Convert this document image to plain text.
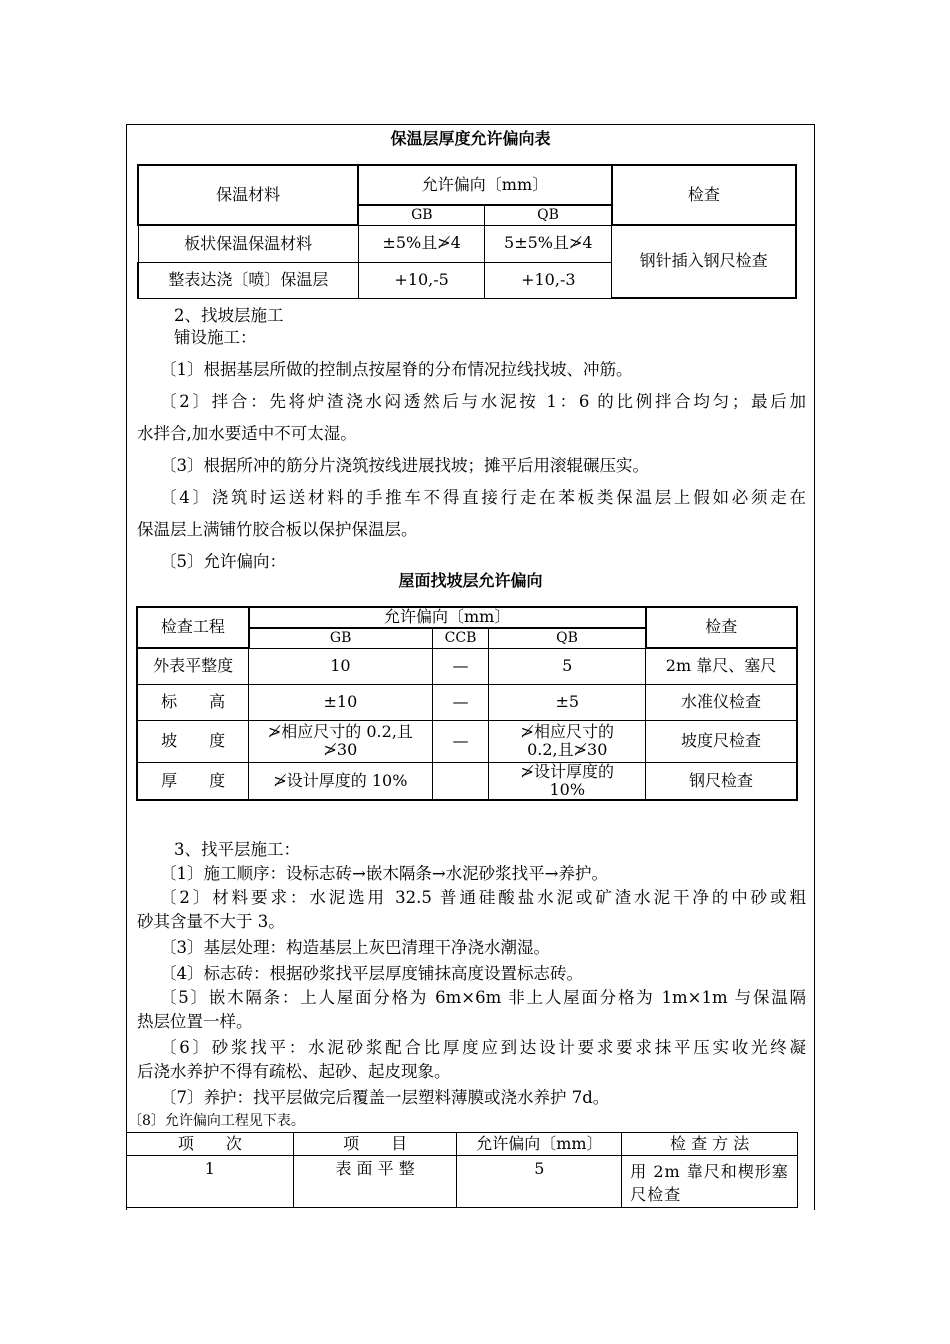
保温层厚度允许偏向表
保温材料	允许偏向〔mm〕		检查
	GB	QB	
板状保温保温材料	±5%且≯4	5±5%且≯4	钢针插入钢尺检查
整表达浇〔喷〕保温层	+10,-5	+10,-3	
2、找坡层施工
铺设施工：
〔1〕根据基层所做的控制点按屋脊的分布情况拉线找坡、冲筋。
〔2〕拌合：先将炉渣浇水闷透然后与水泥按 1：6 的比例拌合均匀；最后加
水拌合,加水要适中不可太湿。
〔3〕根据所冲的筋分片浇筑按线进展找坡；摊平后用滚辊碾压实。
〔4〕浇筑时运送材料的手推车不得直接行走在苯板类保温层上假如必须走在
保温层上满铺竹胶合板以保护保温层。
〔5〕允许偏向：
屋面找坡层允许偏向
检查工程	允许偏向〔mm〕			检查
	GB	CCB	QB	
外表平整度	10	—	5	2m 靠尺、塞尺
标　　高	±10	—	±5	水准仪检查
坡　　度	≯相应尺寸的 0.2,且≯30	—	≯相应尺寸的 0.2,且≯30	坡度尺检查
厚　　度	≯设计厚度的 10%		≯设计厚度的 10%	钢尺检查
3、找平层施工：
〔1〕施工顺序：设标志砖→嵌木隔条→水泥砂浆找平→养护。
〔2〕材料要求：水泥选用 32.5 普通硅酸盐水泥或矿渣水泥干净的中砂或粗
砂其含量不大于 3。
〔3〕基层处理：构造基层上灰巴清理干净浇水潮湿。
〔4〕标志砖：根据砂浆找平层厚度铺抹高度设置标志砖。
〔5〕嵌木隔条：上人屋面分格为 6m×6m 非上人屋面分格为 1m×1m 与保温隔
热层位置一样。
〔6〕砂浆找平：水泥砂浆配合比厚度应到达设计要求要求抹平压实收光终凝
后浇水养护不得有疏松、起砂、起皮现象。
〔7〕养护：找平层做完后覆盖一层塑料薄膜或浇水养护 7d。
〔8〕允许偏向工程见下表。
项　　次	项　　目	允许偏向〔mm〕	检 查 方 法
1	表 面 平 整	5	用 2m 靠尺和楔形塞尺检查
